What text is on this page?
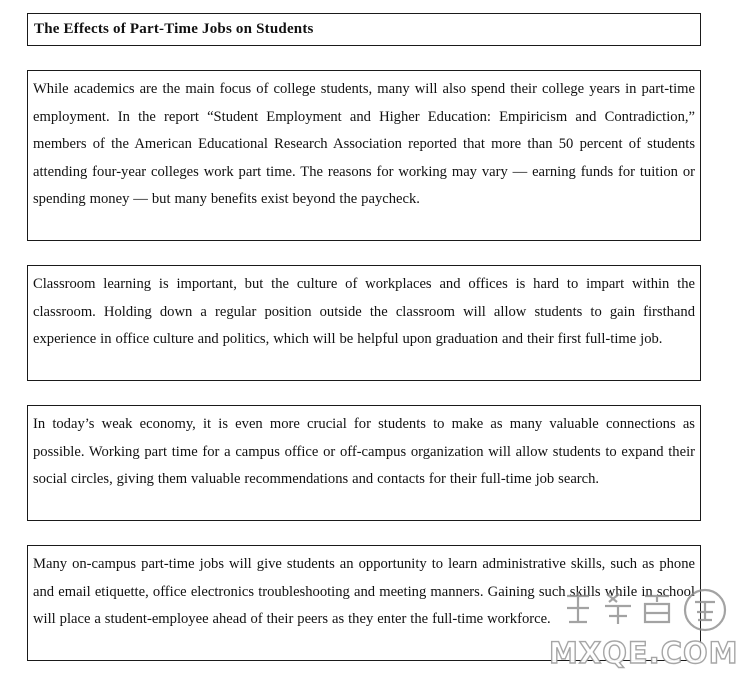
The Effects of Part-Time Jobs on Students

While academics are the main focus of college students, many will also spend their college years in part-time employment. In the report “Student Employment and Higher Education: Empiricism and Contradiction,” members of the American Educational Research Association reported that more than 50 percent of students attending four-year colleges work part time. The reasons for working may vary — earning funds for tuition or spending money — but many benefits exist beyond the paycheck.

Classroom learning is important, but the culture of workplaces and offices is hard to impart within the classroom. Holding down a regular position outside the classroom will allow students to gain firsthand experience in office culture and politics, which will be helpful upon graduation and their first full-time job.

In today’s weak economy, it is even more crucial for students to make as many valuable connections as possible. Working part time for a campus office or off-campus organization will allow students to expand their social circles, giving them valuable recommendations and contacts for their full-time job search.

Many on-campus part-time jobs will give students an opportunity to learn administrative skills, such as phone and email etiquette, office electronics troubleshooting and meeting manners. Gaining such skills while in school will place a student-employee ahead of their peers as they enter the full-time workforce.

MXQE.COM
